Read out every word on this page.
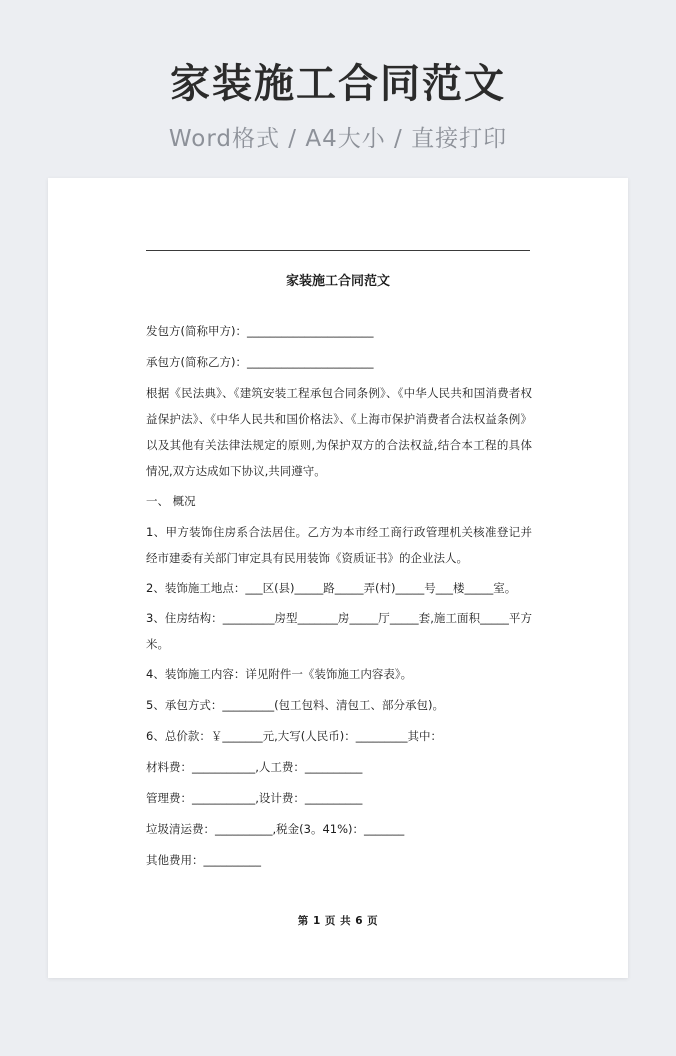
家装施工合同范文
Word格式 / A4大小 / 直接打印
家装施工合同范文

发包方(简称甲方)：______________________

承包方(简称乙方)：______________________

根据《民法典》、《建筑安装工程承包合同条例》、《中华人民共和国消费者权益保护法》、《中华人民共和国价格法》、《上海市保护消费者合法权益条例》以及其他有关法律法规定的原则,为保护双方的合法权益,结合本工程的具体情况,双方达成如下协议,共同遵守。

一、 概况

1、甲方装饰住房系合法居住。乙方为本市经工商行政管理机关核准登记并经市建委有关部门审定具有民用装饰《资质证书》的企业法人。

2、装饰施工地点：___区(县)_____路_____弄(村)_____号___楼_____室。

3、住房结构：_________房型_______房_____厅_____套,施工面积_____平方米。

4、装饰施工内容：详见附件一《装饰施工内容表》。

5、承包方式：_________(包工包料、清包工、部分承包)。

6、总价款：￥_______元,大写(人民币)：_________其中：

材料费：___________,人工费：__________

管理费：___________,设计费：__________

垃圾清运费：__________,税金(3。41%)：_______

其他费用：__________

第 1 页 共 6 页
